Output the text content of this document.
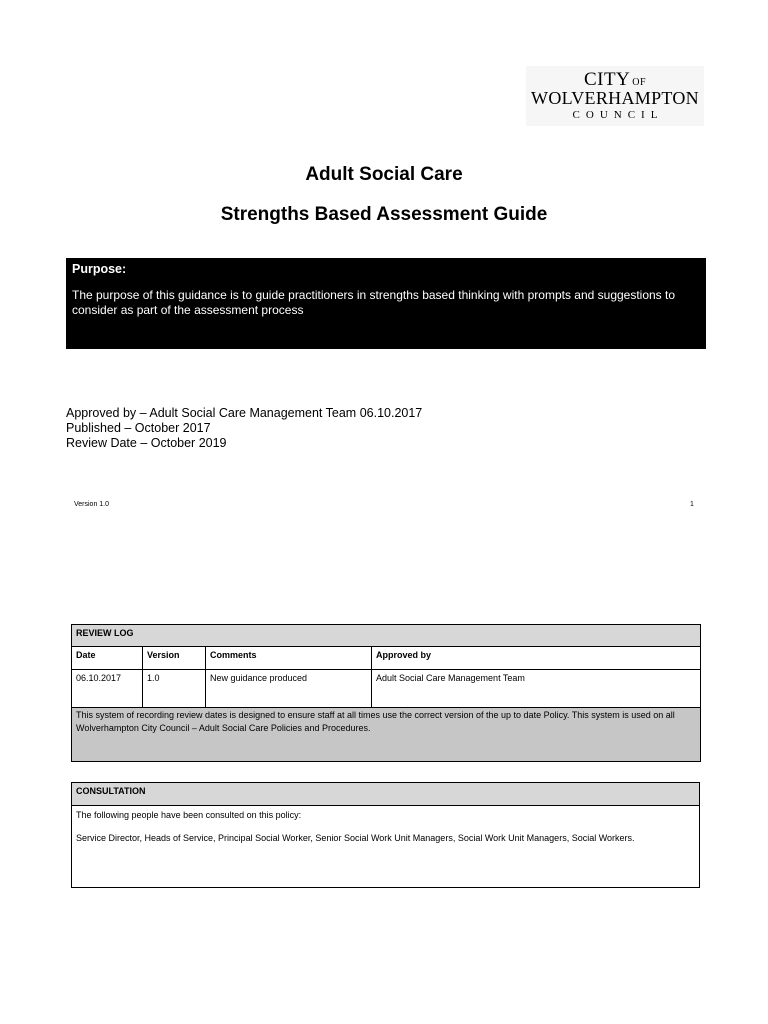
CITY OF
WOLVERHAMPTON
COUNCIL
Adult Social Care
Strengths Based Assessment Guide
Purpose:
The purpose of this guidance is to guide practitioners in strengths based thinking with prompts and suggestions to consider as part of the assessment process
Approved by – Adult Social Care Management Team 06.10.2017
Published – October 2017
Review Date – October 2019
Version 1.0	1
REVIEW LOG			
Date	Version	Comments	Approved by
06.10.2017	1.0	New guidance produced	Adult Social Care Management Team
This system of recording review dates is designed to ensure staff at all times use the correct version of the up to date Policy. This system is used on all Wolverhampton City Council – Adult Social Care Policies and Procedures.			
CONSULTATION

The following people have been consulted on this policy:
Service Director, Heads of Service, Principal Social Worker, Senior Social Work Unit Managers, Social Work Unit Managers, Social Workers.
